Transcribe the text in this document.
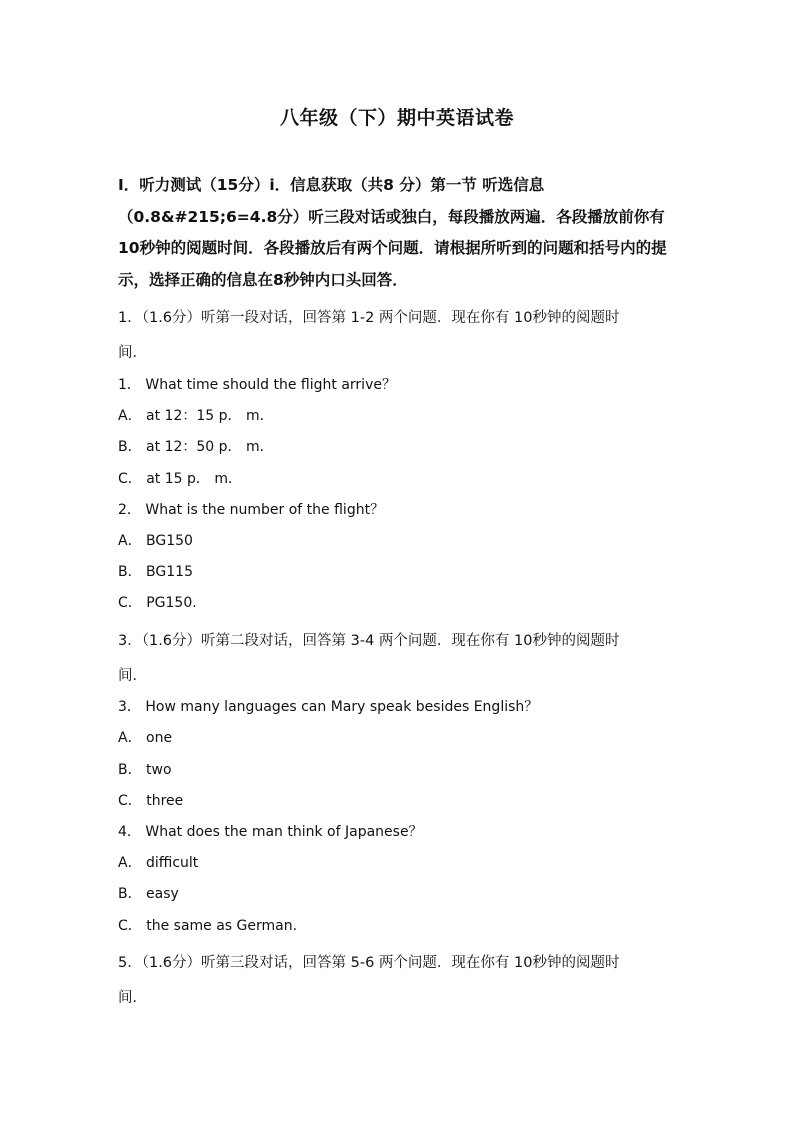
八年级（下）期中英语试卷
I．听力测试（15分）i．信息获取（共8 分）第一节 听选信息（0.8&#215;6=4.8分）听三段对话或独白，每段播放两遍．各段播放前你有10秒钟的阅题时间．各段播放后有两个问题．请根据所听到的问题和括号内的提示，选择正确的信息在8秒钟内口头回答．
1．（1.6分）听第一段对话，回答第 1-2 两个问题．现在你有 10秒钟的阅题时
间．
1． What time should the flight arrive？
A． at 12：15 p． m．
B． at 12：50 p． m．
C． at 15 p． m．
2． What is the number of the flight？
A． BG150
B． BG115
C． PG150.
3．（1.6分）听第二段对话，回答第 3-4 两个问题．现在你有 10秒钟的阅题时
间．
3． How many languages can Mary speak besides English？
A． one
B． two
C． three
4． What does the man think of Japanese？
A． difficult
B． easy
C． the same as German.
5．（1.6分）听第三段对话，回答第 5-6 两个问题．现在你有 10秒钟的阅题时
间．
